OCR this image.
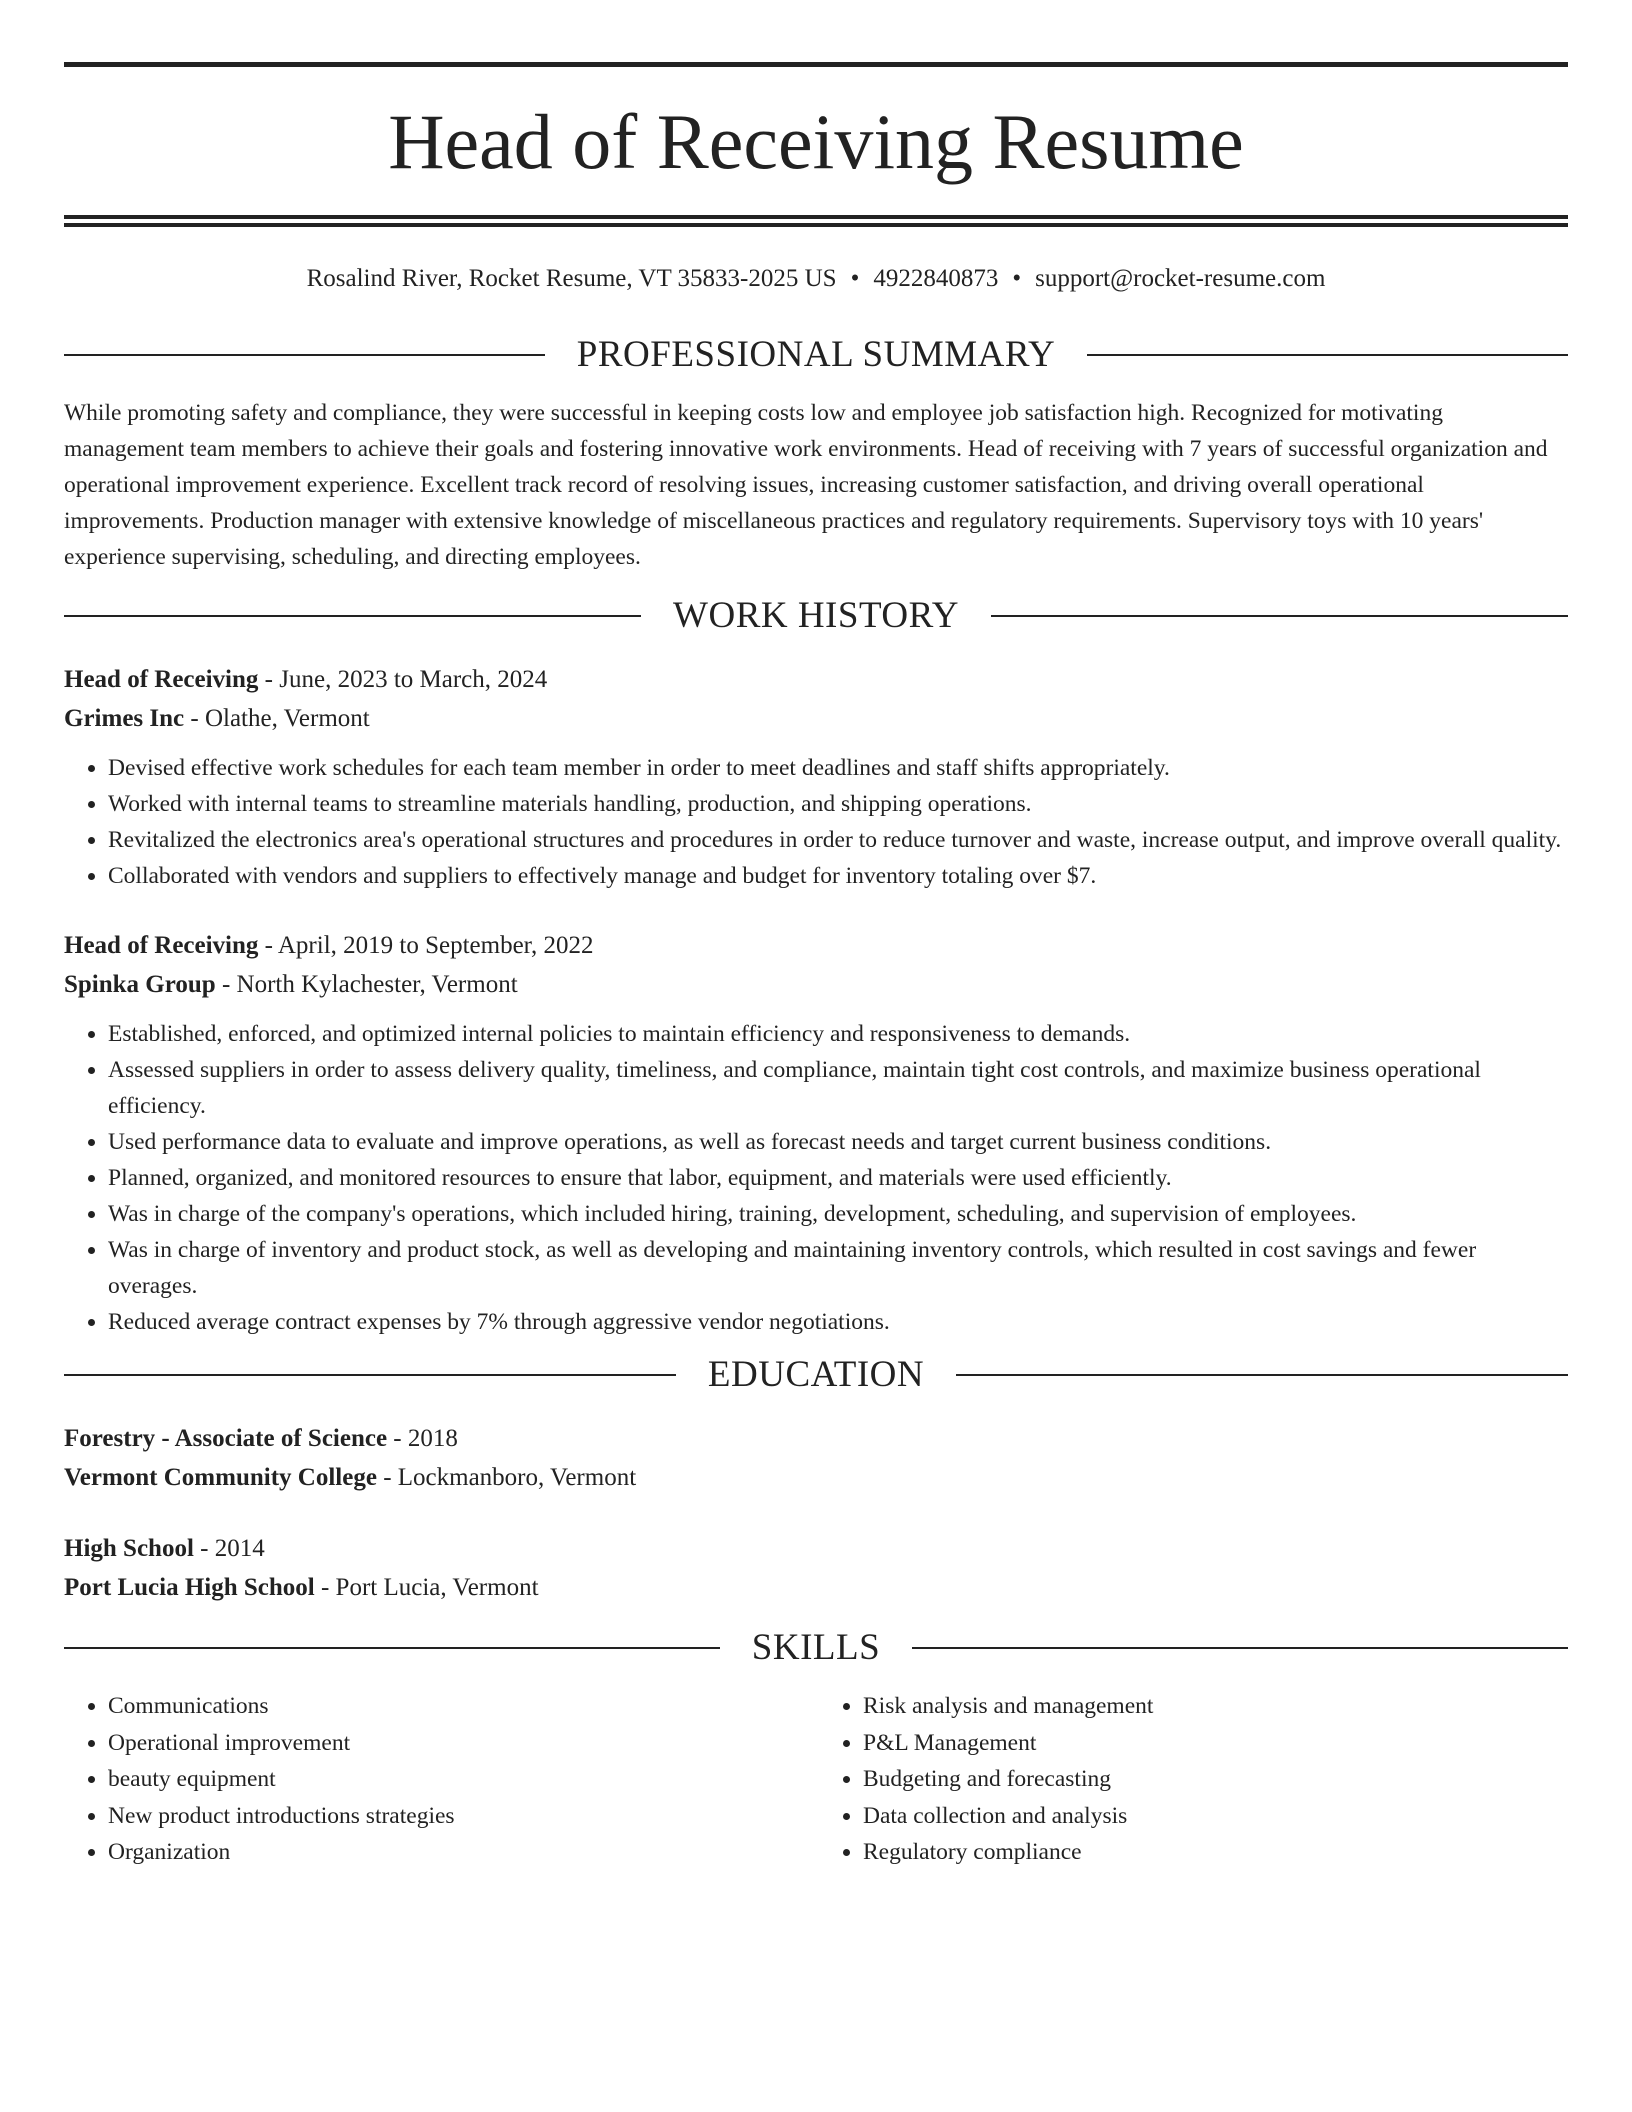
Head of Receiving Resume
Rosalind River, Rocket Resume, VT 35833-2025 US • 4922840873 • support@rocket-resume.com
PROFESSIONAL SUMMARY

While promoting safety and compliance, they were successful in keeping costs low and employee job satisfaction high. Recognized for motivating management team members to achieve their goals and fostering innovative work environments. Head of receiving with 7 years of successful organization and operational improvement experience. Excellent track record of resolving issues, increasing customer satisfaction, and driving overall operational improvements. Production manager with extensive knowledge of miscellaneous practices and regulatory requirements. Supervisory toys with 10 years' experience supervising, scheduling, and directing employees.

WORK HISTORY
Head of Receiving - June, 2023 to March, 2024
Grimes Inc - Olathe, Vermont
• Devised effective work schedules for each team member in order to meet deadlines and staff shifts appropriately.
• Worked with internal teams to streamline materials handling, production, and shipping operations.
• Revitalized the electronics area's operational structures and procedures in order to reduce turnover and waste, increase output, and improve overall quality.
• Collaborated with vendors and suppliers to effectively manage and budget for inventory totaling over $7.
Head of Receiving - April, 2019 to September, 2022
Spinka Group - North Kylachester, Vermont
• Established, enforced, and optimized internal policies to maintain efficiency and responsiveness to demands.
• Assessed suppliers in order to assess delivery quality, timeliness, and compliance, maintain tight cost controls, and maximize business operational efficiency.
• Used performance data to evaluate and improve operations, as well as forecast needs and target current business conditions.
• Planned, organized, and monitored resources to ensure that labor, equipment, and materials were used efficiently.
• Was in charge of the company's operations, which included hiring, training, development, scheduling, and supervision of employees.
• Was in charge of inventory and product stock, as well as developing and maintaining inventory controls, which resulted in cost savings and fewer overages.
• Reduced average contract expenses by 7% through aggressive vendor negotiations.
EDUCATION
Forestry - Associate of Science - 2018
Vermont Community College - Lockmanboro, Vermont
High School - 2014
Port Lucia High School - Port Lucia, Vermont
SKILLS
• Communications
• Operational improvement
• beauty equipment
• New product introductions strategies
• Organization
• Risk analysis and management
• P&L Management
• Budgeting and forecasting
• Data collection and analysis
• Regulatory compliance
